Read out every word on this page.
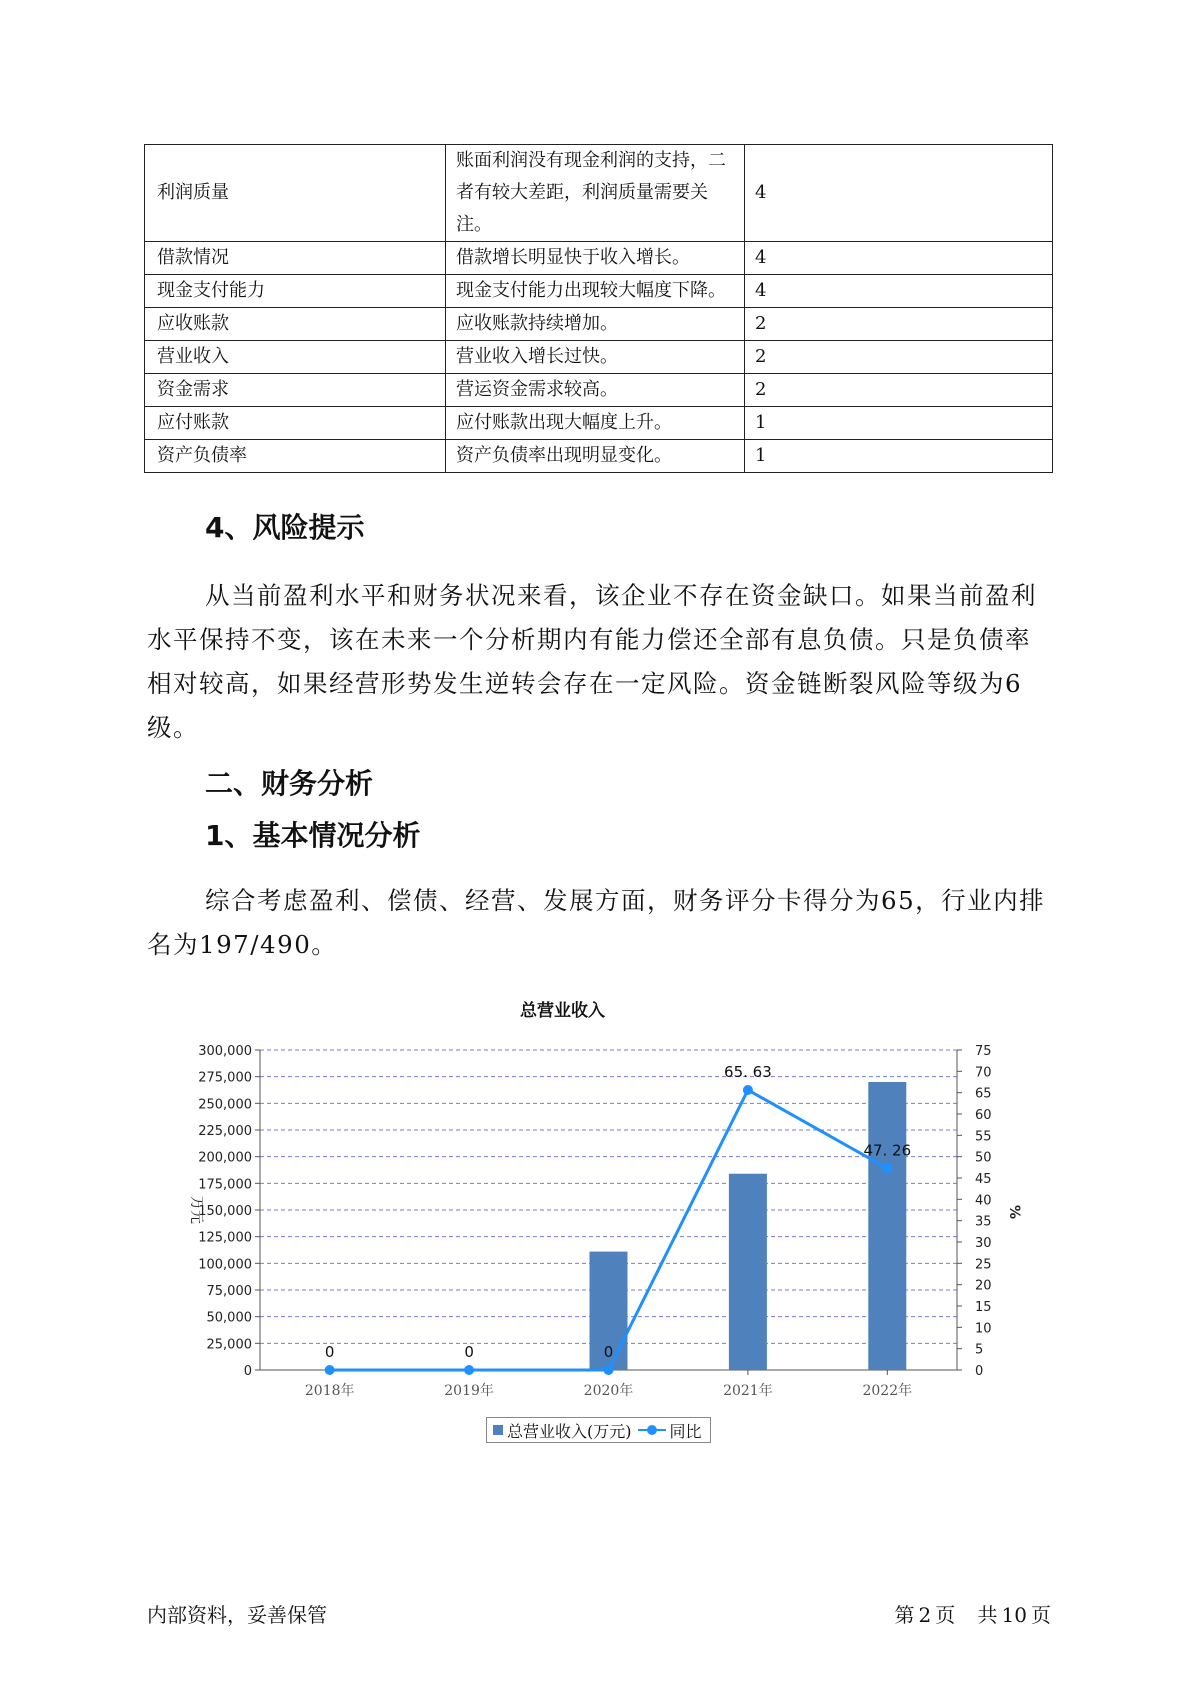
利润质量	账面利润没有现金利润的支持，二者有较大差距，利润质量需要关注。	4
借款情况	借款增长明显快于收入增长。	4
现金支付能力	现金支付能力出现较大幅度下降。	4
应收账款	应收账款持续增加。	2
营业收入	营业收入增长过快。	2
资金需求	营运资金需求较高。	2
应付账款	应付账款出现大幅度上升。	1
资产负债率	资产负债率出现明显变化。	1
4、风险提示

从当前盈利水平和财务状况来看，该企业不存在资金缺口。如果当前盈利水平保持不变，该在未来一个分析期内有能力偿还全部有息负债。只是负债率相对较高，如果经营形势发生逆转会存在一定风险。资金链断裂风险等级为6级。

二、财务分析
1、基本情况分析

综合考虑盈利、偿债、经营、发展方面，财务评分卡得分为65，行业内排名为197/490。

总营业收入
0
25,000
50,000
75,000
100,000
125,000
150,000
175,000
200,000
225,000
250,000
275,000
300,000
0
5
10
15
20
25
30
35
40
45
50
55
60
65
70
75
万元	%
2018年	2019年	2020年	2021年	2022年
0	0	0
65. 63
47. 26
总营业收入(万元) 同比
内部资料，妥善保管	第 2 页 共 10 页
